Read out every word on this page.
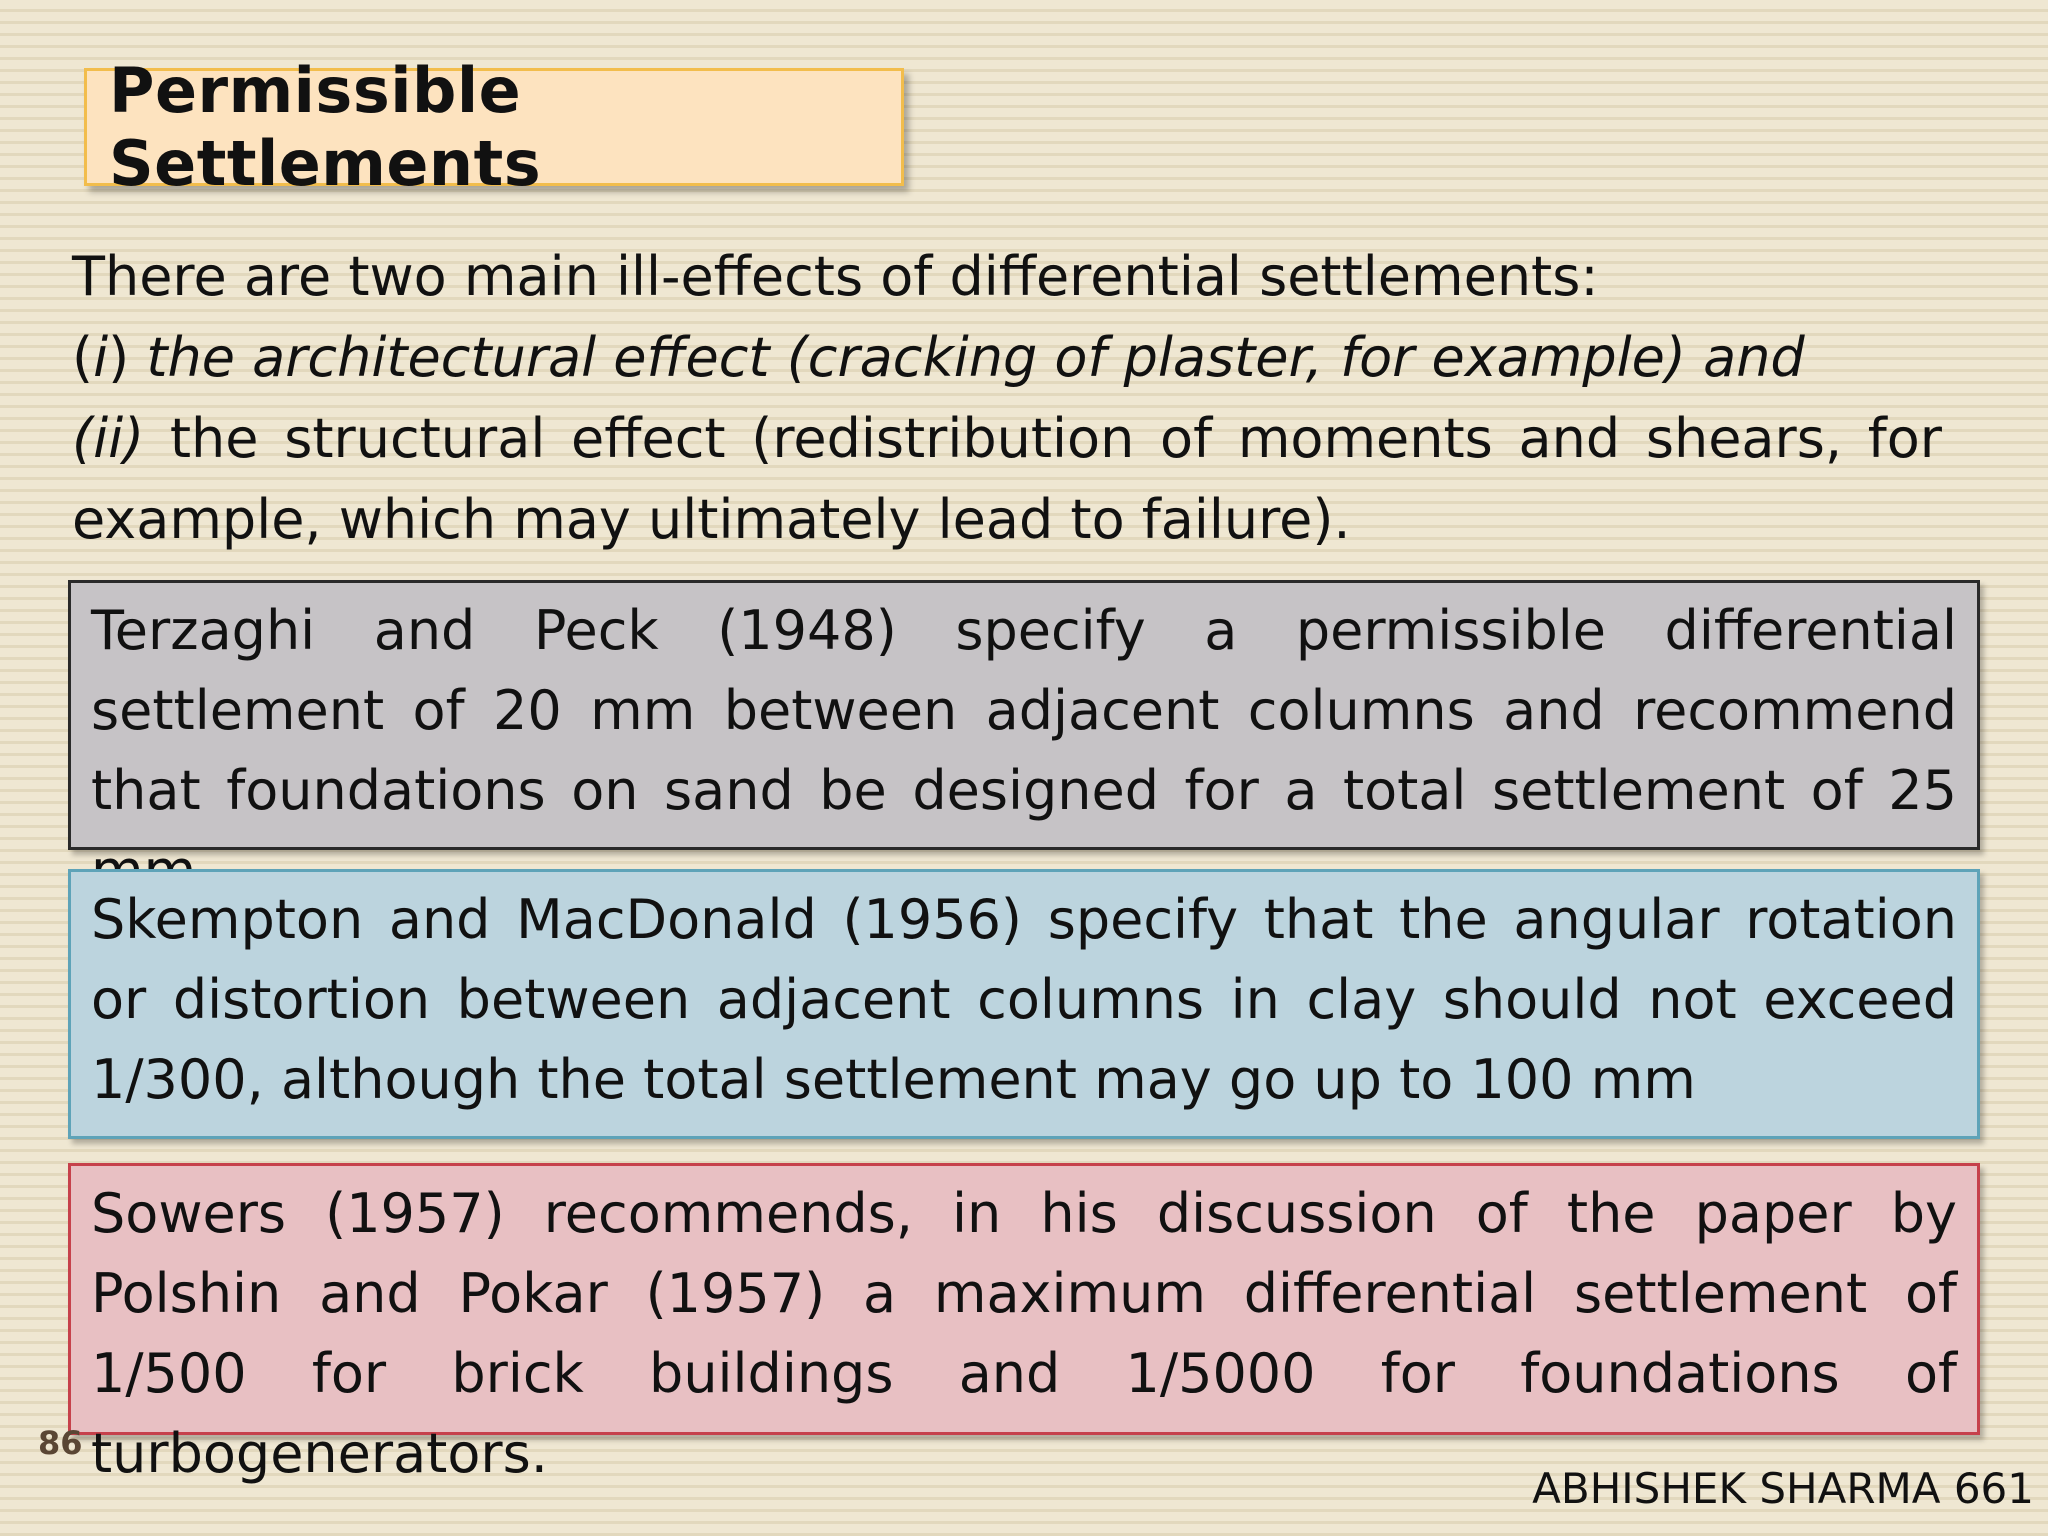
Permissible Settlements

There are two main ill-effects of differential settlements:

(i) the architectural effect (cracking of plaster, for example) and

(ii) the structural effect (redistribution of moments and shears, for example, which may ultimately lead to failure).

Terzaghi and Peck (1948) specify a permissible differential settlement of 20 mm between adjacent columns and recommend that foundations on sand be designed for a total settlement of 25
Skempton and MacDonald (1956) specify that the angular rotation or distortion between adjacent columns in clay should not exceed 1/300, although the total settlement may go up to 100 mm
Sowers (1957) recommends, in his discussion of the paper by Polshin and Pokar (1957) a maximum differential settlement of 1/500 for brick buildings and 1/5000 for foundations of turbogenerators.
86
ABHISHEK SHARMA 661
